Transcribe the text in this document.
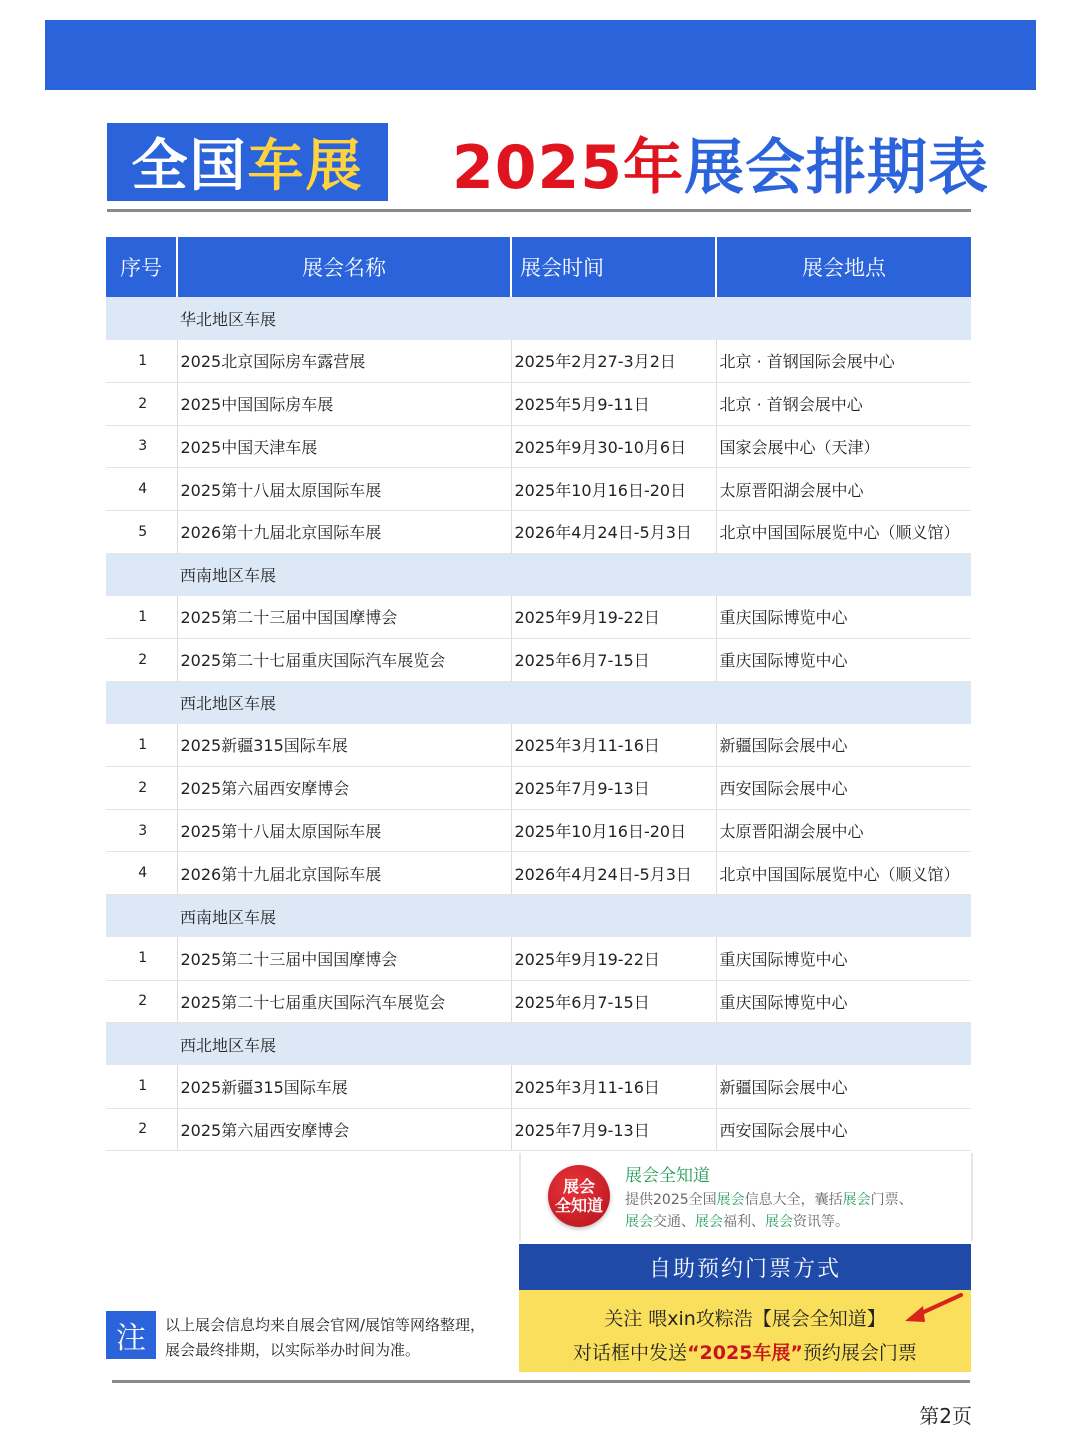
全国 车展 2025年 展会排期表
序号	展会名称	展会时间	展会地点
	华北地区车展		
1	2025北京国际房车露营展	2025年2月27-3月2日	北京 · 首钢国际会展中心
2	2025中国国际房车展	2025年5月9-11日	北京 · 首钢会展中心
3	2025中国天津车展	2025年9月30-10月6日	国家会展中心（天津）
4	2025第十八届太原国际车展	2025年10月16日-20日	太原晋阳湖会展中心
5	2026第十九届北京国际车展	2026年4月24日-5月3日	北京中国国际展览中心（顺义馆）
	西南地区车展		
1	2025第二十三届中国国摩博会	2025年9月19-22日	重庆国际博览中心
2	2025第二十七届重庆国际汽车展览会	2025年6月7-15日	重庆国际博览中心
	西北地区车展		
1	2025新疆315国际车展	2025年3月11-16日	新疆国际会展中心
2	2025第六届西安摩博会	2025年7月9-13日	西安国际会展中心
3	2025第十八届太原国际车展	2025年10月16日-20日	太原晋阳湖会展中心
4	2026第十九届北京国际车展	2026年4月24日-5月3日	北京中国国际展览中心（顺义馆）
	西南地区车展		
1	2025第二十三届中国国摩博会	2025年9月19-22日	重庆国际博览中心
2	2025第二十七届重庆国际汽车展览会	2025年6月7-15日	重庆国际博览中心
	西北地区车展		
1	2025新疆315国际车展	2025年3月11-16日	新疆国际会展中心
2	2025第六届西安摩博会	2025年7月9-13日	西安国际会展中心
展会
全知道
展会全知道
提供2025全国展会信息大全，囊括展会门票、展会交通、展会福利、展会资讯等。
自助预约门票方式
关注 喂xin攻粽浩【展会全知道】
对话框中发送“2025车展”预约展会门票
注	以上展会信息均来自展会官网/展馆等网络整理，
展会最终排期，以实际举办时间为准。
第2页
